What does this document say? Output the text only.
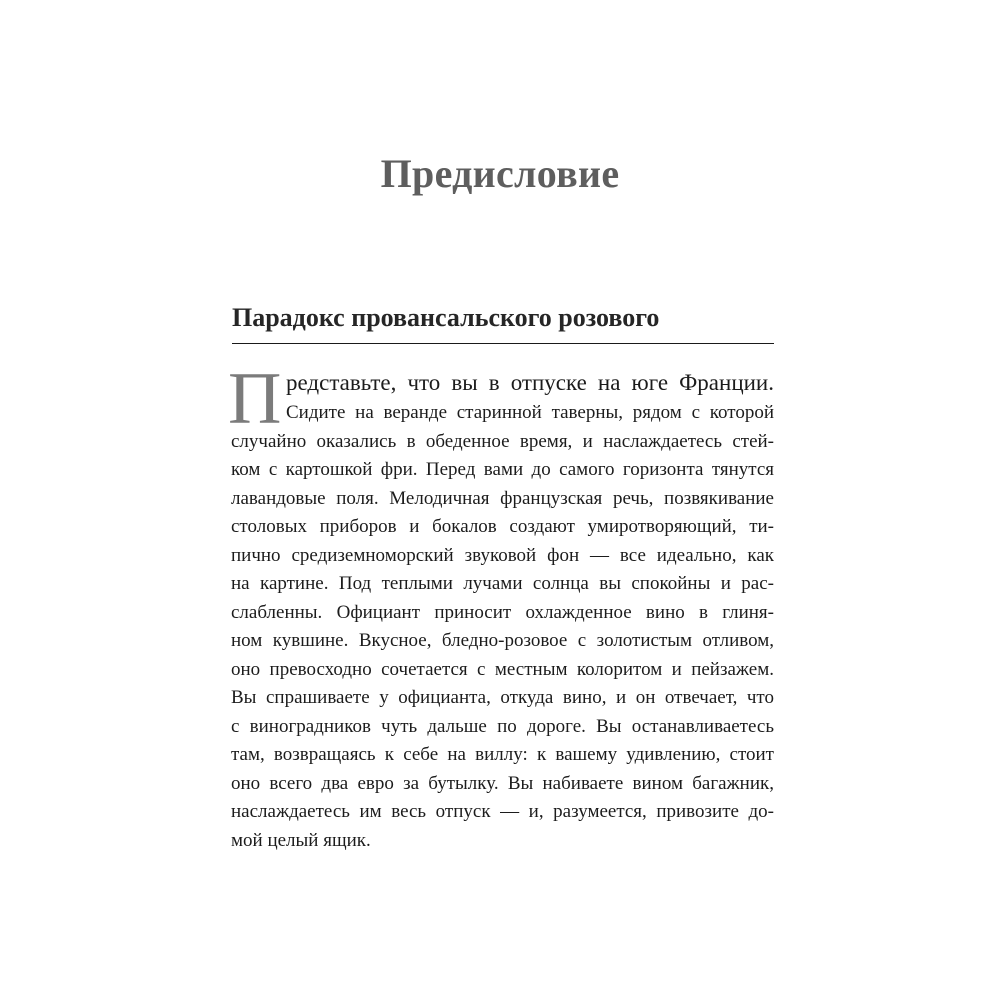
Предисловие
Парадокс провансальского розового
П редставьте, что вы в отпуске на юге Франции.
Сидите на веранде старинной таверны, рядом с которой
случайно оказались в обеденное время, и наслаждаетесь стей-
ком с картошкой фри. Перед вами до самого горизонта тянутся
лавандовые поля. Мелодичная французская речь, позвякивание
столовых приборов и бокалов создают умиротворяющий, ти-
пично средиземноморский звуковой фон — все идеально, как
на картине. Под теплыми лучами солнца вы спокойны и рас-
слабленны. Официант приносит охлажденное вино в глиня-
ном кувшине. Вкусное, бледно-розовое с золотистым отливом,
оно превосходно сочетается с местным колоритом и пейзажем.
Вы спрашиваете у официанта, откуда вино, и он отвечает, что
с виноградников чуть дальше по дороге. Вы останавливаетесь
там, возвращаясь к себе на виллу: к вашему удивлению, стоит
оно всего два евро за бутылку. Вы набиваете вином багажник,
наслаждаетесь им весь отпуск — и, разумеется, привозите до-
мой целый ящик.
